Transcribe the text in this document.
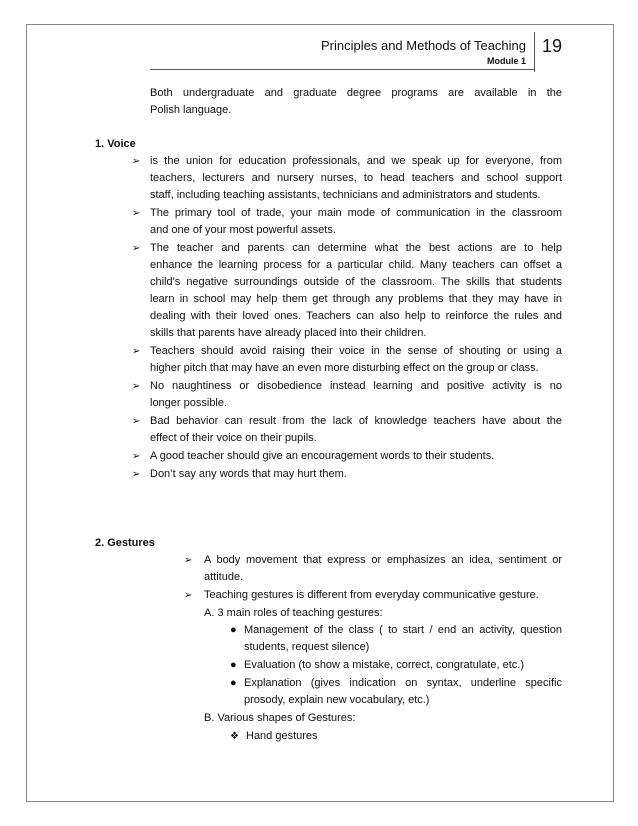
Principles and Methods of Teaching
Module 1
19
Both undergraduate and graduate degree programs are available in the
Polish language.
1. Voice
➢ is the union for education professionals, and we speak up for everyone, from
teachers, lecturers and nursery nurses, to head teachers and school support
staff, including teaching assistants, technicians and administrators and students.
➢ The primary tool of trade, your main mode of communication in the classroom
and one of your most powerful assets.
➢ The teacher and parents can determine what the best actions are to help
enhance the learning process for a particular child. Many teachers can offset a
child's negative surroundings outside of the classroom. The skills that students
learn in school may help them get through any problems that they may have in
dealing with their loved ones. Teachers can also help to reinforce the rules and
skills that parents have already placed into their children.
➢ Teachers should avoid raising their voice in the sense of shouting or using a
higher pitch that may have an even more disturbing effect on the group or class.
➢ No naughtiness or disobedience instead learning and positive activity is no
longer possible.
➢ Bad behavior can result from the lack of knowledge teachers have about the
effect of their voice on their pupils.
➢ A good teacher should give an encouragement words to their students.
➢ Don’t say any words that may hurt them.
2. Gestures
➢ A body movement that express or emphasizes an idea, sentiment or
attitude.
➢ Teaching gestures is different from everyday communicative gesture.
A. 3 main roles of teaching gestures:
● Management of the class ( to start / end an activity, question
students, request silence)
● Evaluation (to show a mistake, correct, congratulate, etc.)
● Explanation (gives indication on syntax, underline specific
prosody, explain new vocabulary, etc.)
B. Various shapes of Gestures:
❖ Hand gestures
